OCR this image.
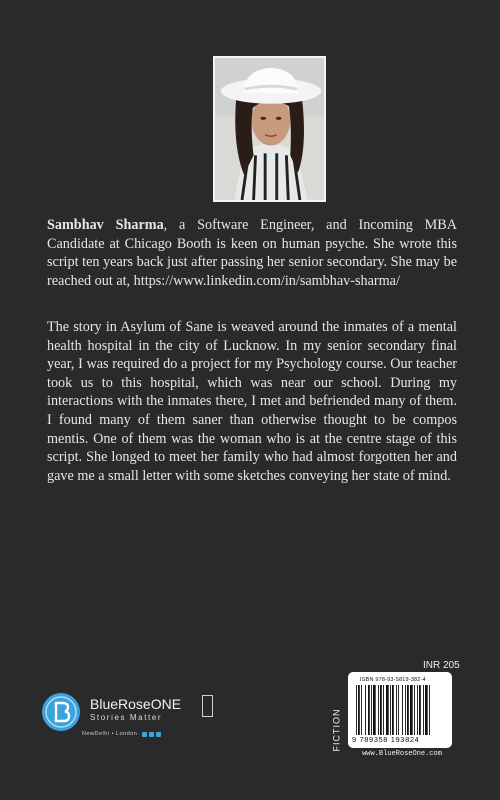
Sambhav Sharma, a Software Engineer, and Incoming MBA Candidate at Chicago Booth is keen on human psyche. She wrote this script ten years back just after passing her senior secondary. She may be reached out at, https://www.linkedin.com/in/sambhav-sharma/
The story in Asylum of Sane is weaved around the inmates of a mental health hospital in the city of Lucknow. In my senior secondary final year, I was required do a project for my Psychology course. Our teacher took us to this hospital, which was near our school. During my interactions with the inmates there, I met and befriended many of them. I found many of them saner than otherwise thought to be compos mentis. One of them was the woman who is at the centre stage of this script. She longed to meet her family who had almost forgotten her and gave me a small letter with some sketches conveying her state of mind.
BlueRoseONE
Stories Matter
NewDelhi • London
INR 205
FICTION
ISBN 978-93-5819-382-4
9 789358 193824
www.BlueRoseOne.com
